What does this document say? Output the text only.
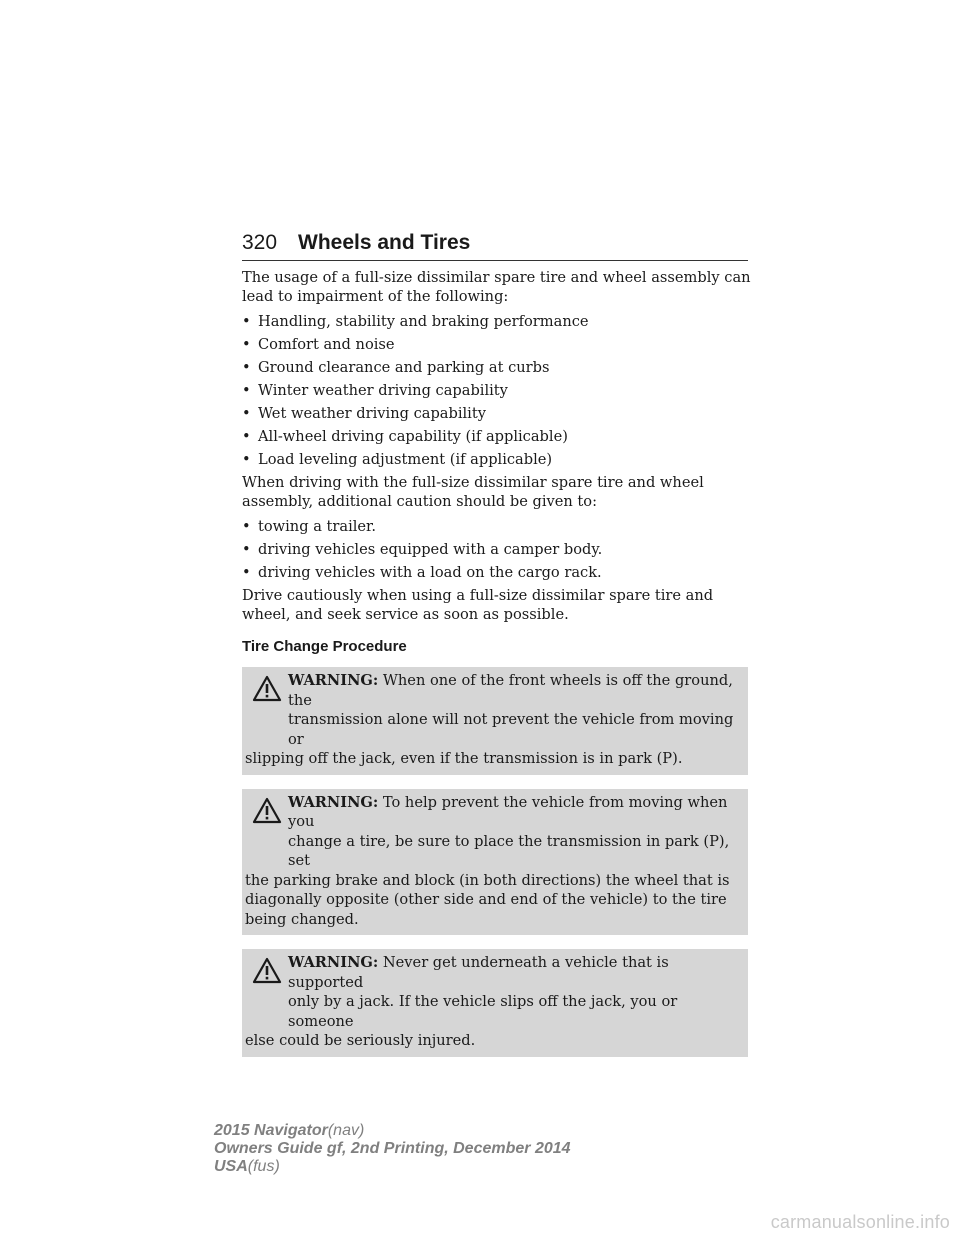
320 Wheels and Tires

The usage of a full-size dissimilar spare tire and wheel assembly can lead to impairment of the following:

• Handling, stability and braking performance
• Comfort and noise
• Ground clearance and parking at curbs
• Winter weather driving capability
• Wet weather driving capability
• All-wheel driving capability (if applicable)
• Load leveling adjustment (if applicable)

When driving with the full-size dissimilar spare tire and wheel assembly, additional caution should be given to:

• towing a trailer.
• driving vehicles equipped with a camper body.
• driving vehicles with a load on the cargo rack.

Drive cautiously when using a full-size dissimilar spare tire and wheel, and seek service as soon as possible.

Tire Change Procedure
WARNING: When one of the front wheels is off the ground, the
transmission alone will not prevent the vehicle from moving or
slipping off the jack, even if the transmission is in park (P).
WARNING: To help prevent the vehicle from moving when you
change a tire, be sure to place the transmission in park (P), set
the parking brake and block (in both directions) the wheel that is diagonally opposite (other side and end of the vehicle) to the tire being changed.
WARNING: Never get underneath a vehicle that is supported
only by a jack. If the vehicle slips off the jack, you or someone
else could be seriously injured.
2015 Navigator(nav)
Owners Guide gf, 2nd Printing, December 2014
USA(fus)
carmanualsonline.info
